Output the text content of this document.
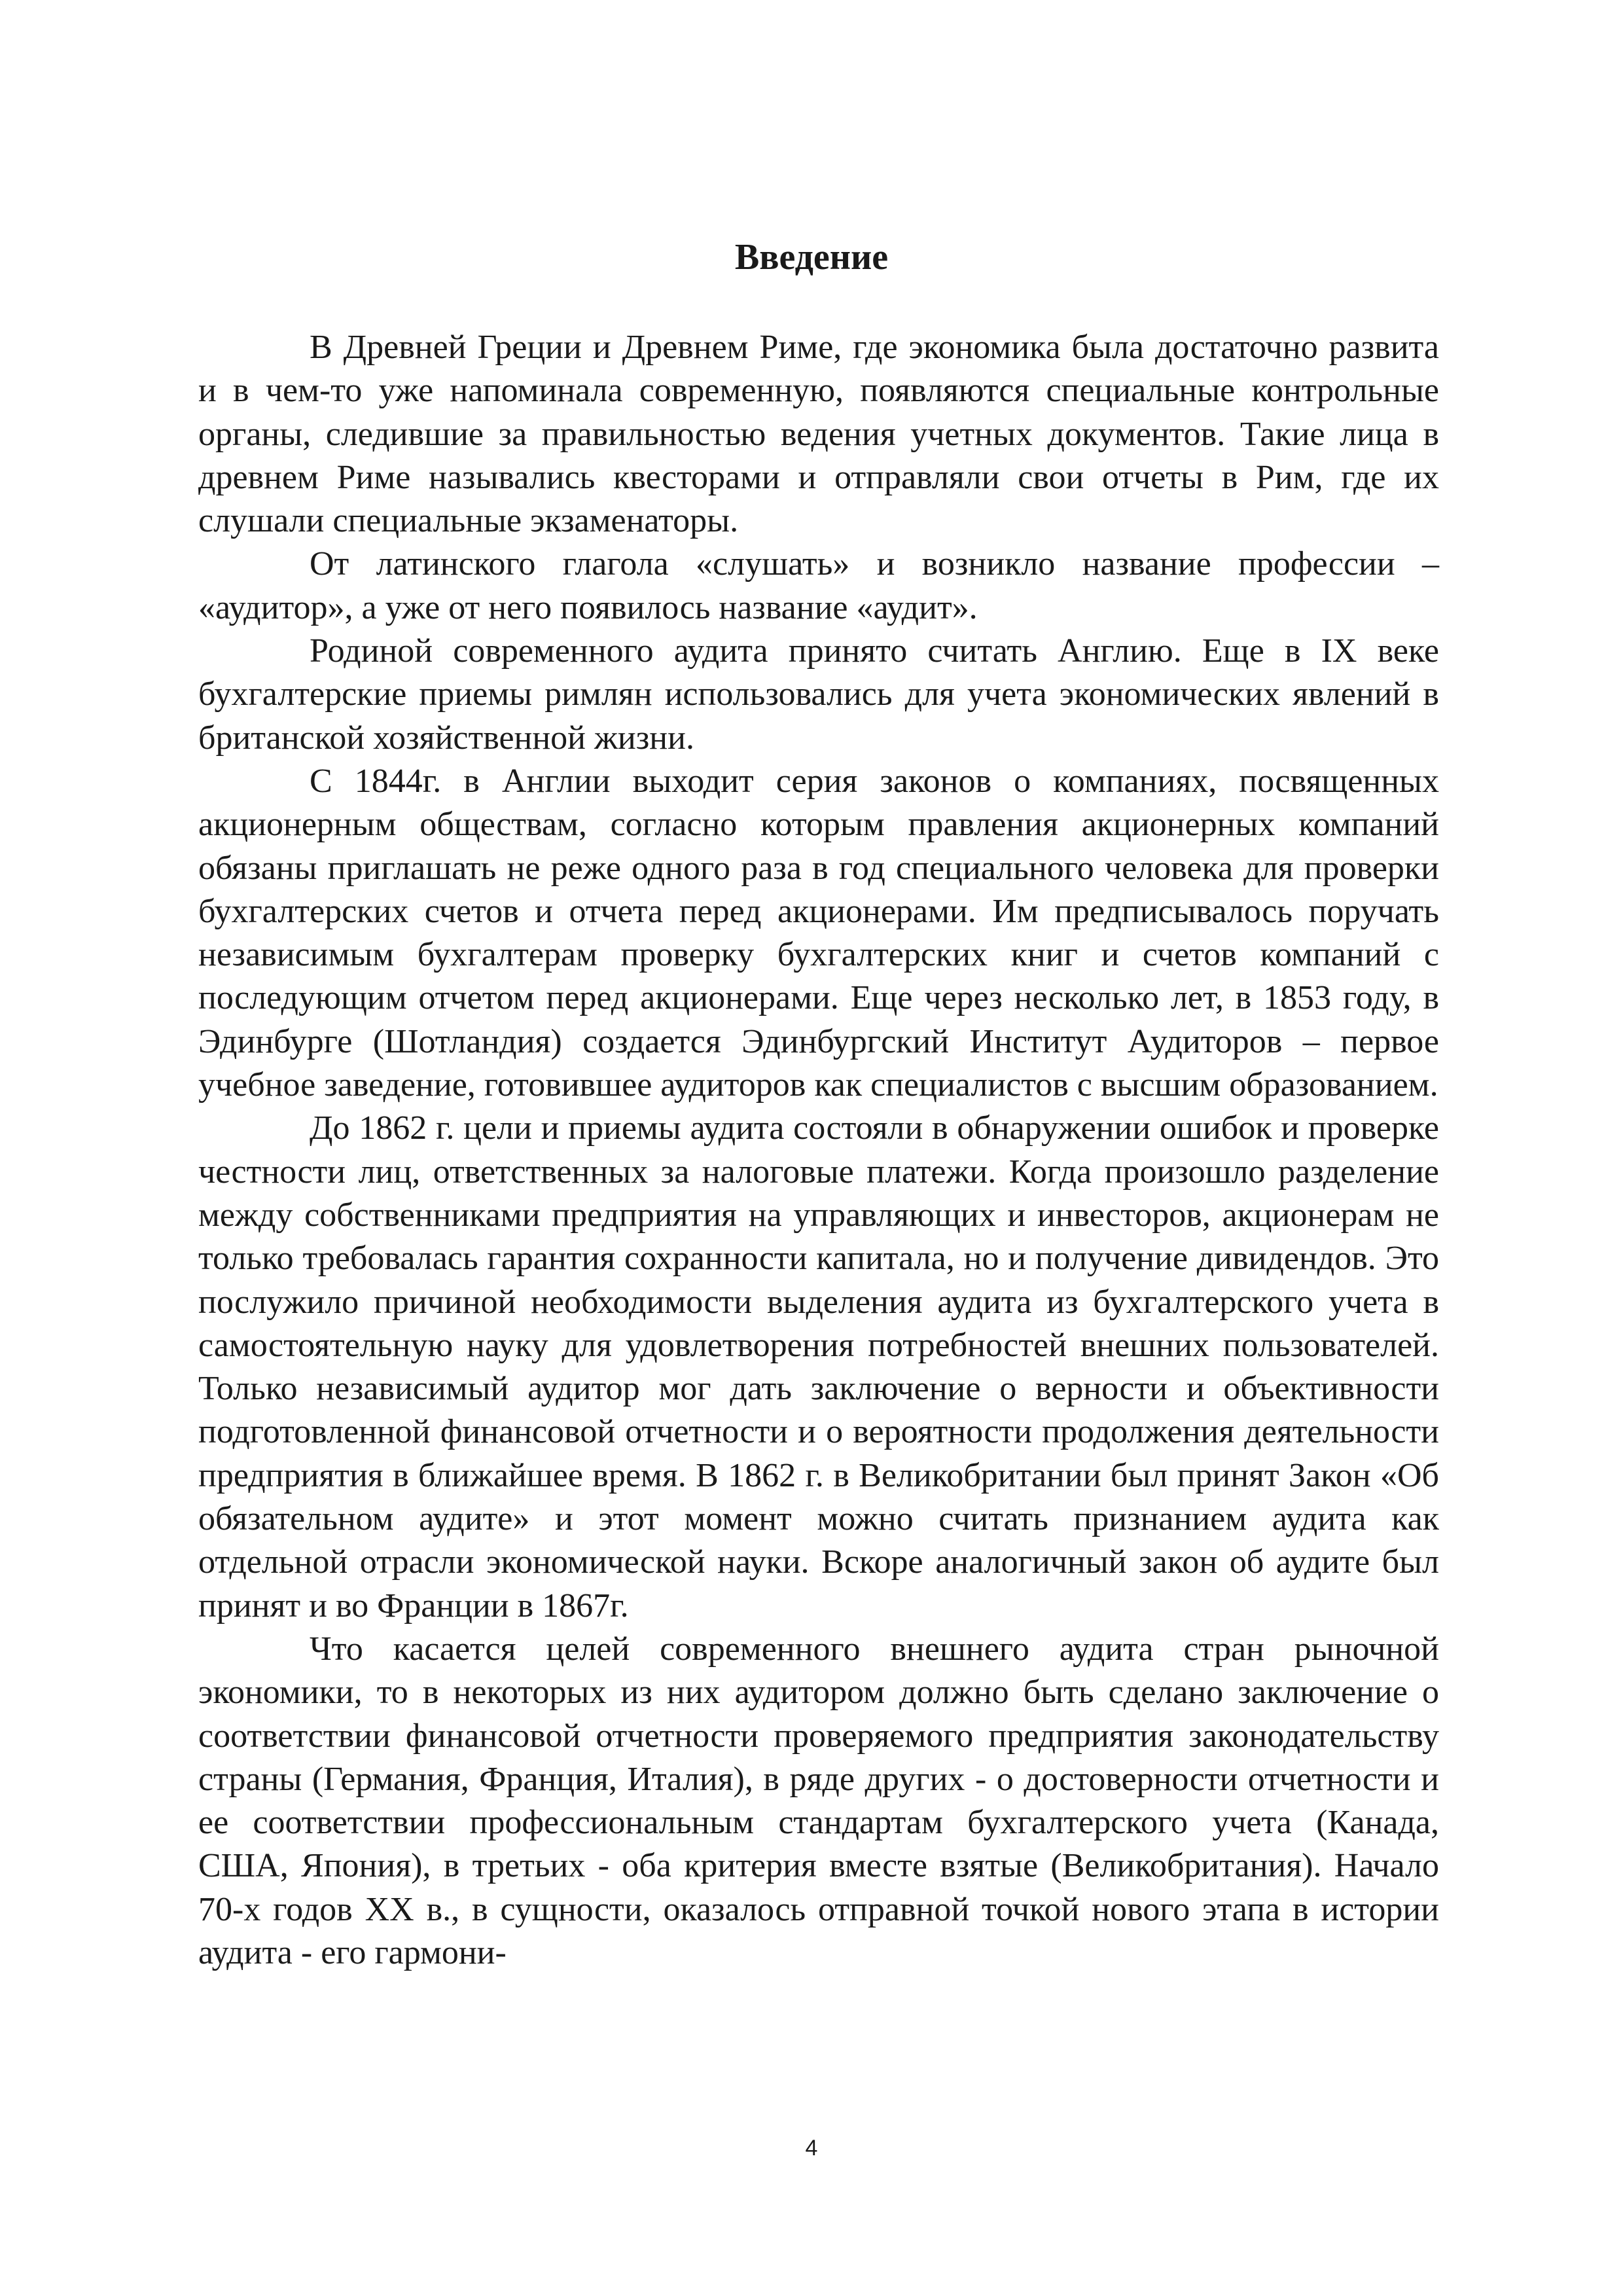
Введение

В Древней Греции и Древнем Риме, где экономика была достаточно развита и в чем-то уже напоминала современную, появляются специальные контрольные органы, следившие за правильностью ведения учетных документов. Такие лица в древнем Риме назывались квесторами и отправляли свои отчеты в Рим, где их слушали специальные экзаменаторы.

От латинского глагола «слушать» и возникло название профессии – «аудитор», а уже от него появилось название «аудит».

Родиной современного аудита принято считать Англию. Еще в IX веке бухгалтерские приемы римлян использовались для учета экономических явлений в британской хозяйственной жизни.

С 1844г. в Англии выходит серия законов о компаниях, посвященных акционерным обществам, согласно которым правления акционерных компаний обязаны приглашать не реже одного раза в год специального человека для проверки бухгалтерских счетов и отчета перед акционерами. Им предписывалось поручать независимым бухгалтерам проверку бухгалтерских книг и счетов компаний с последующим отчетом перед акционерами. Еще через несколько лет, в 1853 году, в Эдинбурге (Шотландия) создается Эдинбургский Институт Аудиторов – первое учебное заведение, готовившее аудиторов как специалистов с высшим образованием.

До 1862 г. цели и приемы аудита состояли в обнаружении ошибок и проверке честности лиц, ответственных за налоговые платежи. Когда произошло разделение между собственниками предприятия на управляющих и инвесторов, акционерам не только требовалась гарантия сохранности капитала, но и получение дивидендов. Это послужило причиной необходимости выделения аудита из бухгалтерского учета в самостоятельную науку для удовлетворения потребностей внешних пользователей. Только независимый аудитор мог дать заключение о верности и объективности подготовленной финансовой отчетности и о вероятности продолжения деятельности предприятия в ближайшее время. В 1862 г. в Великобритании был принят Закон «Об обязательном аудите» и этот момент можно считать признанием аудита как отдельной отрасли экономической науки. Вскоре аналогичный закон об аудите был принят и во Франции в 1867г.

Что касается целей современного внешнего аудита стран рыночной экономики, то в некоторых из них аудитором должно быть сделано заключение о соответствии финансовой отчетности проверяемого предприятия законодательству страны (Германия, Франция, Италия), в ряде других - о достоверности отчетности и ее соответствии профессиональным стандартам бухгалтерского учета (Канада, США, Япония), в третьих - оба критерия вместе взятые (Великобритания). Начало 70-х годов XX в., в сущности, оказалось отправной точкой нового этапа в истории аудита - его гармони-

4
